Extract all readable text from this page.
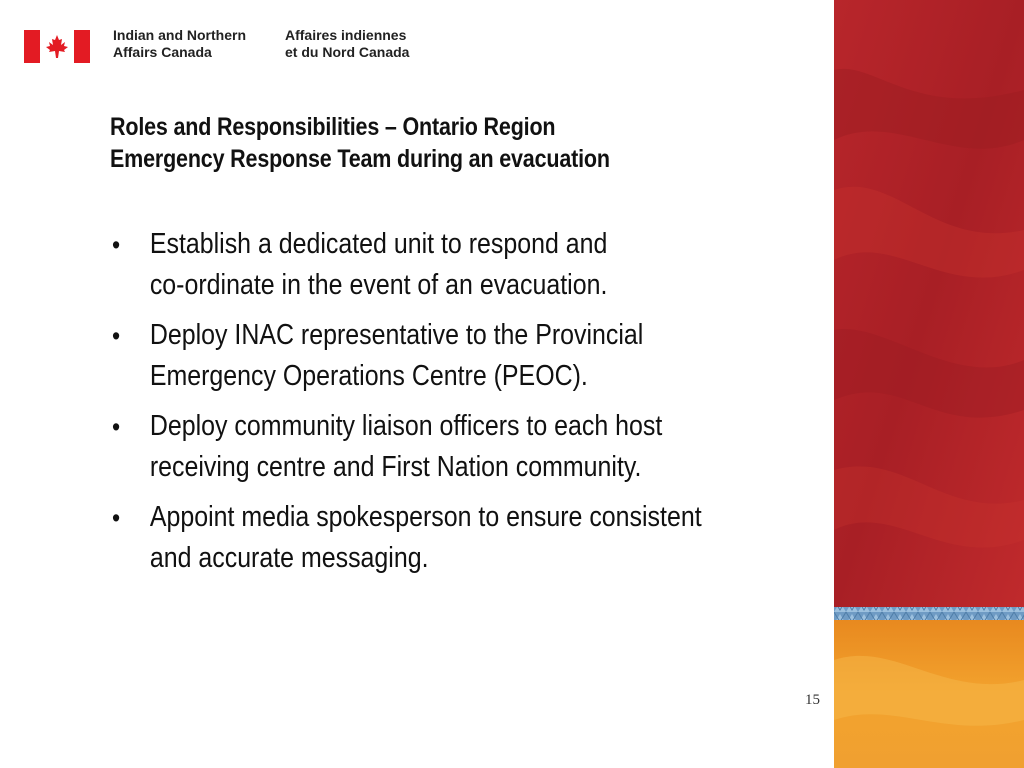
Indian and Northern
Affairs Canada
Affaires indiennes
et du Nord Canada
Roles and Responsibilities – Ontario Region
Emergency Response Team during an evacuation
• Establish a dedicated unit to respond and
co-ordinate in the event of an evacuation.
• Deploy INAC representative to the Provincial
Emergency Operations Centre (PEOC).
• Deploy community liaison officers to each host
receiving centre and First Nation community.
• Appoint media spokesperson to ensure consistent
and accurate messaging.
15
